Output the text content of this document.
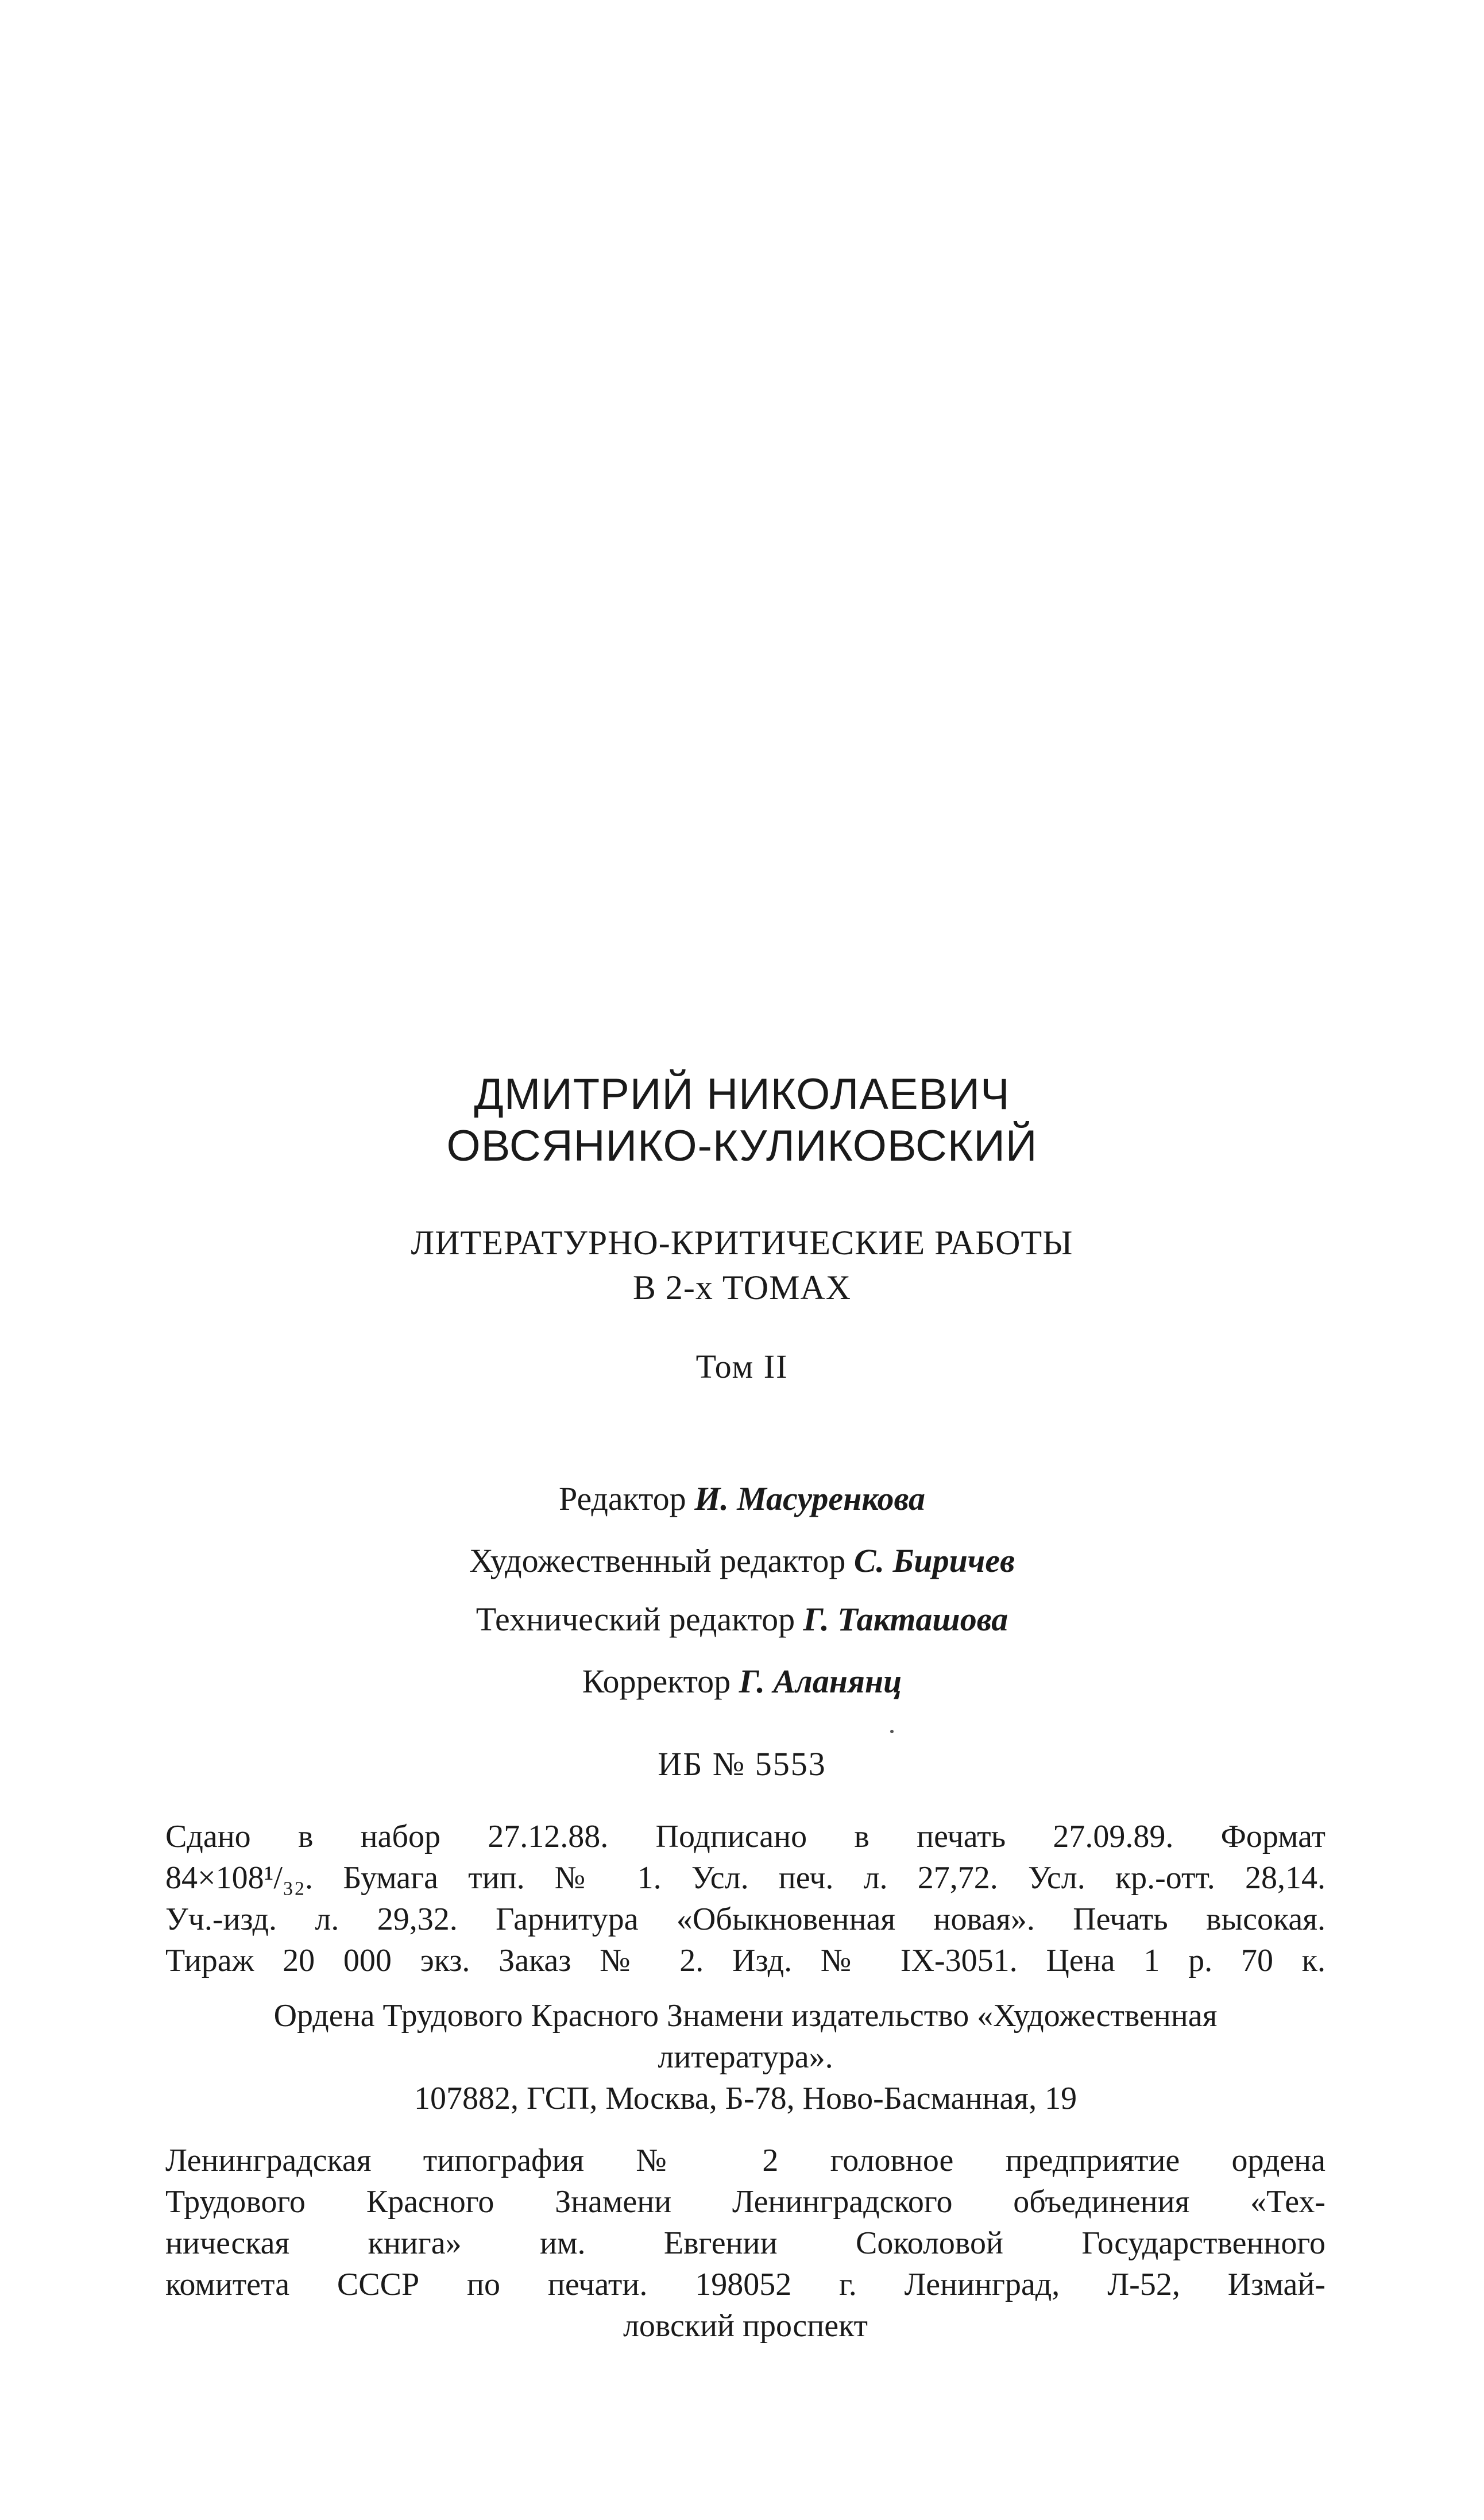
ДМИТРИЙ НИКОЛАЕВИЧ
ОВСЯНИКО-КУЛИКОВСКИЙ
ЛИТЕРАТУРНО-КРИТИЧЕСКИЕ РАБОТЫ
В 2-х ТОМАХ
Том II
Редактор И. Масуренкова
Художественный редактор С. Биричев
Технический редактор Г. Такташова
Корректор Г. Аланянц
ИБ № 5553
Сдано в набор 27.12.88. Подписано в печать 27.09.89. Формат
84×108¹/₃₂. Бумага тип. № 1. Усл. печ. л. 27,72. Усл. кр.-отт. 28,14.
Уч.-изд. л. 29,32. Гарнитура «Обыкновенная новая». Печать высокая.
Тираж 20 000 экз. Заказ № 2. Изд. № IX-3051. Цена 1 р. 70 к.
Ордена Трудового Красного Знамени издательство «Художественная
литература».
107882, ГСП, Москва, Б-78, Ново-Басманная, 19
Ленинградская типография № 2 головное предприятие ордена
Трудового Красного Знамени Ленинградского объединения «Тех-
ническая книга» им. Евгении Соколовой Государственного
комитета СССР по печати. 198052 г. Ленинград, Л-52, Измай-
ловский проспект
